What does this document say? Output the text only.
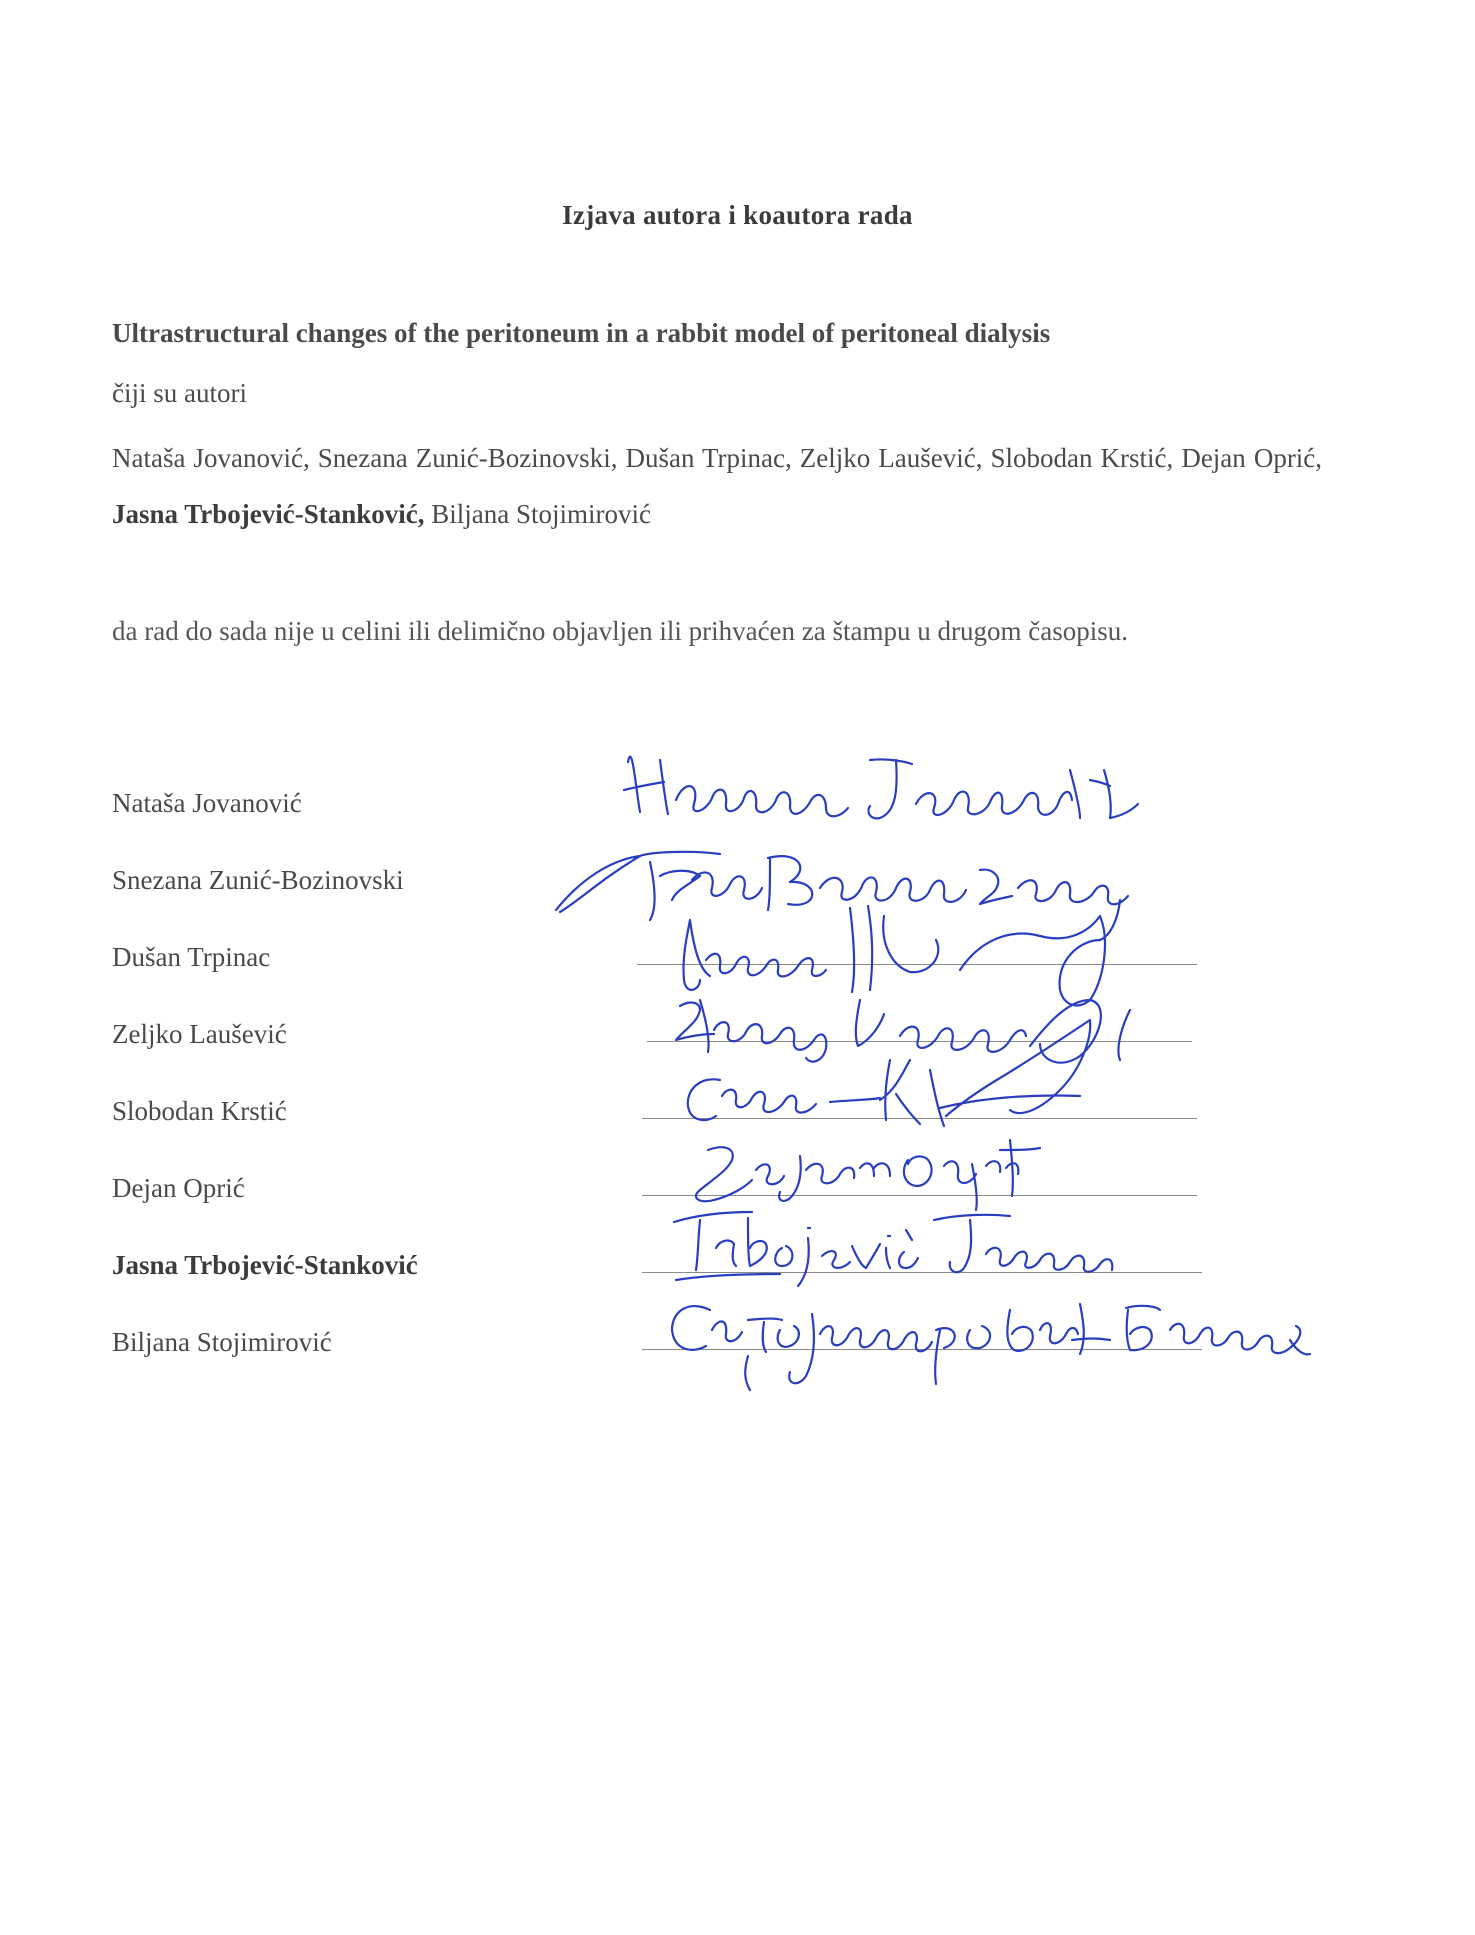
Izjava autora i koautora rada
Ultrastructural changes of the peritoneum in a rabbit model of peritoneal dialysis
čiji su autori
Nataša Jovanović, Snezana Zunić-Bozinovski, Dušan Trpinac, Zeljko Laušević, Slobodan Krstić, Dejan Oprić, Jasna Trbojević-Stanković, Biljana Stojimirović
da rad do sada nije u celini ili delimično objavljen ili prihvaćen za štampu u drugom časopisu.
Nataša Jovanović
Snezana Zunić-Bozinovski
Dušan Trpinac
Zeljko Laušević
Slobodan Krstić
Dejan Oprić
Jasna Trbojević-Stanković
Biljana Stojimirović
